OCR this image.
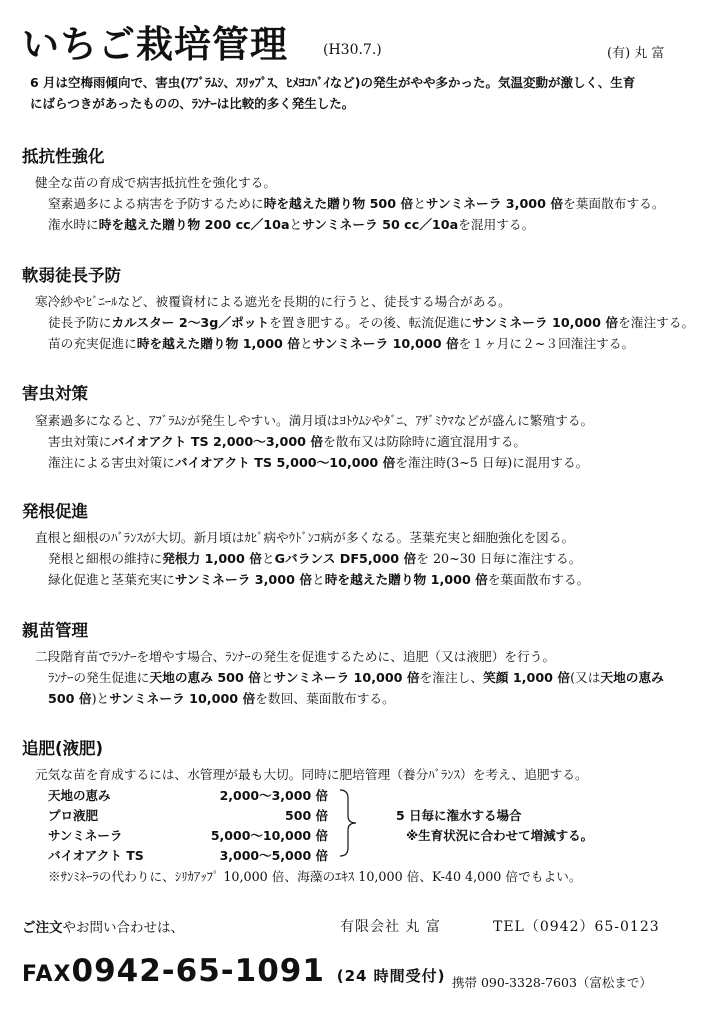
いちご栽培管理	(H30.7.)	(有) 丸 富
6 月は空梅雨傾向で、害虫(ｱﾌﾞﾗﾑｼ、ｽﾘｯﾌﾟｽ、ﾋﾒﾖｺﾊﾞｲなど)の発生がやや多かった。気温変動が激しく、生育
にばらつきがあったものの、ﾗﾝﾅｰは比較的多く発生した。
抵抗性強化
健全な苗の育成で病害抵抗性を強化する。
窒素過多による病害を予防するために時を越えた贈り物 500 倍とサンミネーラ 3,000 倍を葉面散布する。
潅水時に時を越えた贈り物 200 cc／10aとサンミネーラ 50 cc／10aを混用する。
軟弱徒長予防
寒冷紗やﾋﾞﾆｰﾙなど、被覆資材による遮光を長期的に行うと、徒長する場合がある。
徒長予防にカルスター 2～3g／ポットを置き肥する。その後、転流促進にサンミネーラ 10,000 倍を潅注する。
苗の充実促進に時を越えた贈り物 1,000 倍とサンミネーラ 10,000 倍を１ヶ月に２~３回潅注する。
害虫対策
窒素過多になると、ｱﾌﾞﾗﾑｼが発生しやすい。満月頃はﾖﾄｳﾑｼやﾀﾞﾆ、ｱｻﾞﾐｳﾏなどが盛んに繁殖する。
害虫対策にバイオアクト TS 2,000～3,000 倍を散布又は防除時に適宜混用する。
潅注による害虫対策にバイオアクト TS 5,000～10,000 倍を潅注時(3~5 日毎)に混用する。
発根促進
直根と細根のﾊﾞﾗﾝｽが大切。新月頃はｶﾋﾞ病やｳﾄﾞﾝｺ病が多くなる。茎葉充実と細胞強化を図る。
発根と細根の維持に発根力 1,000 倍とGバランス DF5,000 倍を 20~30 日毎に潅注する。
緑化促進と茎葉充実にサンミネーラ 3,000 倍と時を越えた贈り物 1,000 倍を葉面散布する。
親苗管理
二段階育苗でﾗﾝﾅｰを増やす場合、ﾗﾝﾅｰの発生を促進するために、追肥（又は液肥）を行う。
ﾗﾝﾅｰの発生促進に天地の恵み 500 倍とサンミネーラ 10,000 倍を潅注し、笑顔 1,000 倍(又は天地の恵み
500 倍)とサンミネーラ 10,000 倍を数回、葉面散布する。
追肥(液肥)
元気な苗を育成するには、水管理が最も大切。同時に肥培管理（養分ﾊﾞﾗﾝｽ）を考え、追肥する。
天地の恵み	2,000～3,000 倍
プロ液肥	500 倍
サンミネーラ	5,000～10,000 倍
バイオアクト TS	3,000～5,000 倍
5 日毎に潅水する場合
※生育状況に合わせて増減する。
※ｻﾝﾐﾈｰﾗの代わりに、ｼﾘｶｱｯﾌﾟ 10,000 倍、海藻のｴｷｽ 10,000 倍、K-40 4,000 倍でもよい。
ご注文やお問い合わせは、	有限会社 丸 富	TEL（0942）65-0123
FAX0942-65-1091 (24 時間受付) 携帯 090-3328-7603（富松まで）
